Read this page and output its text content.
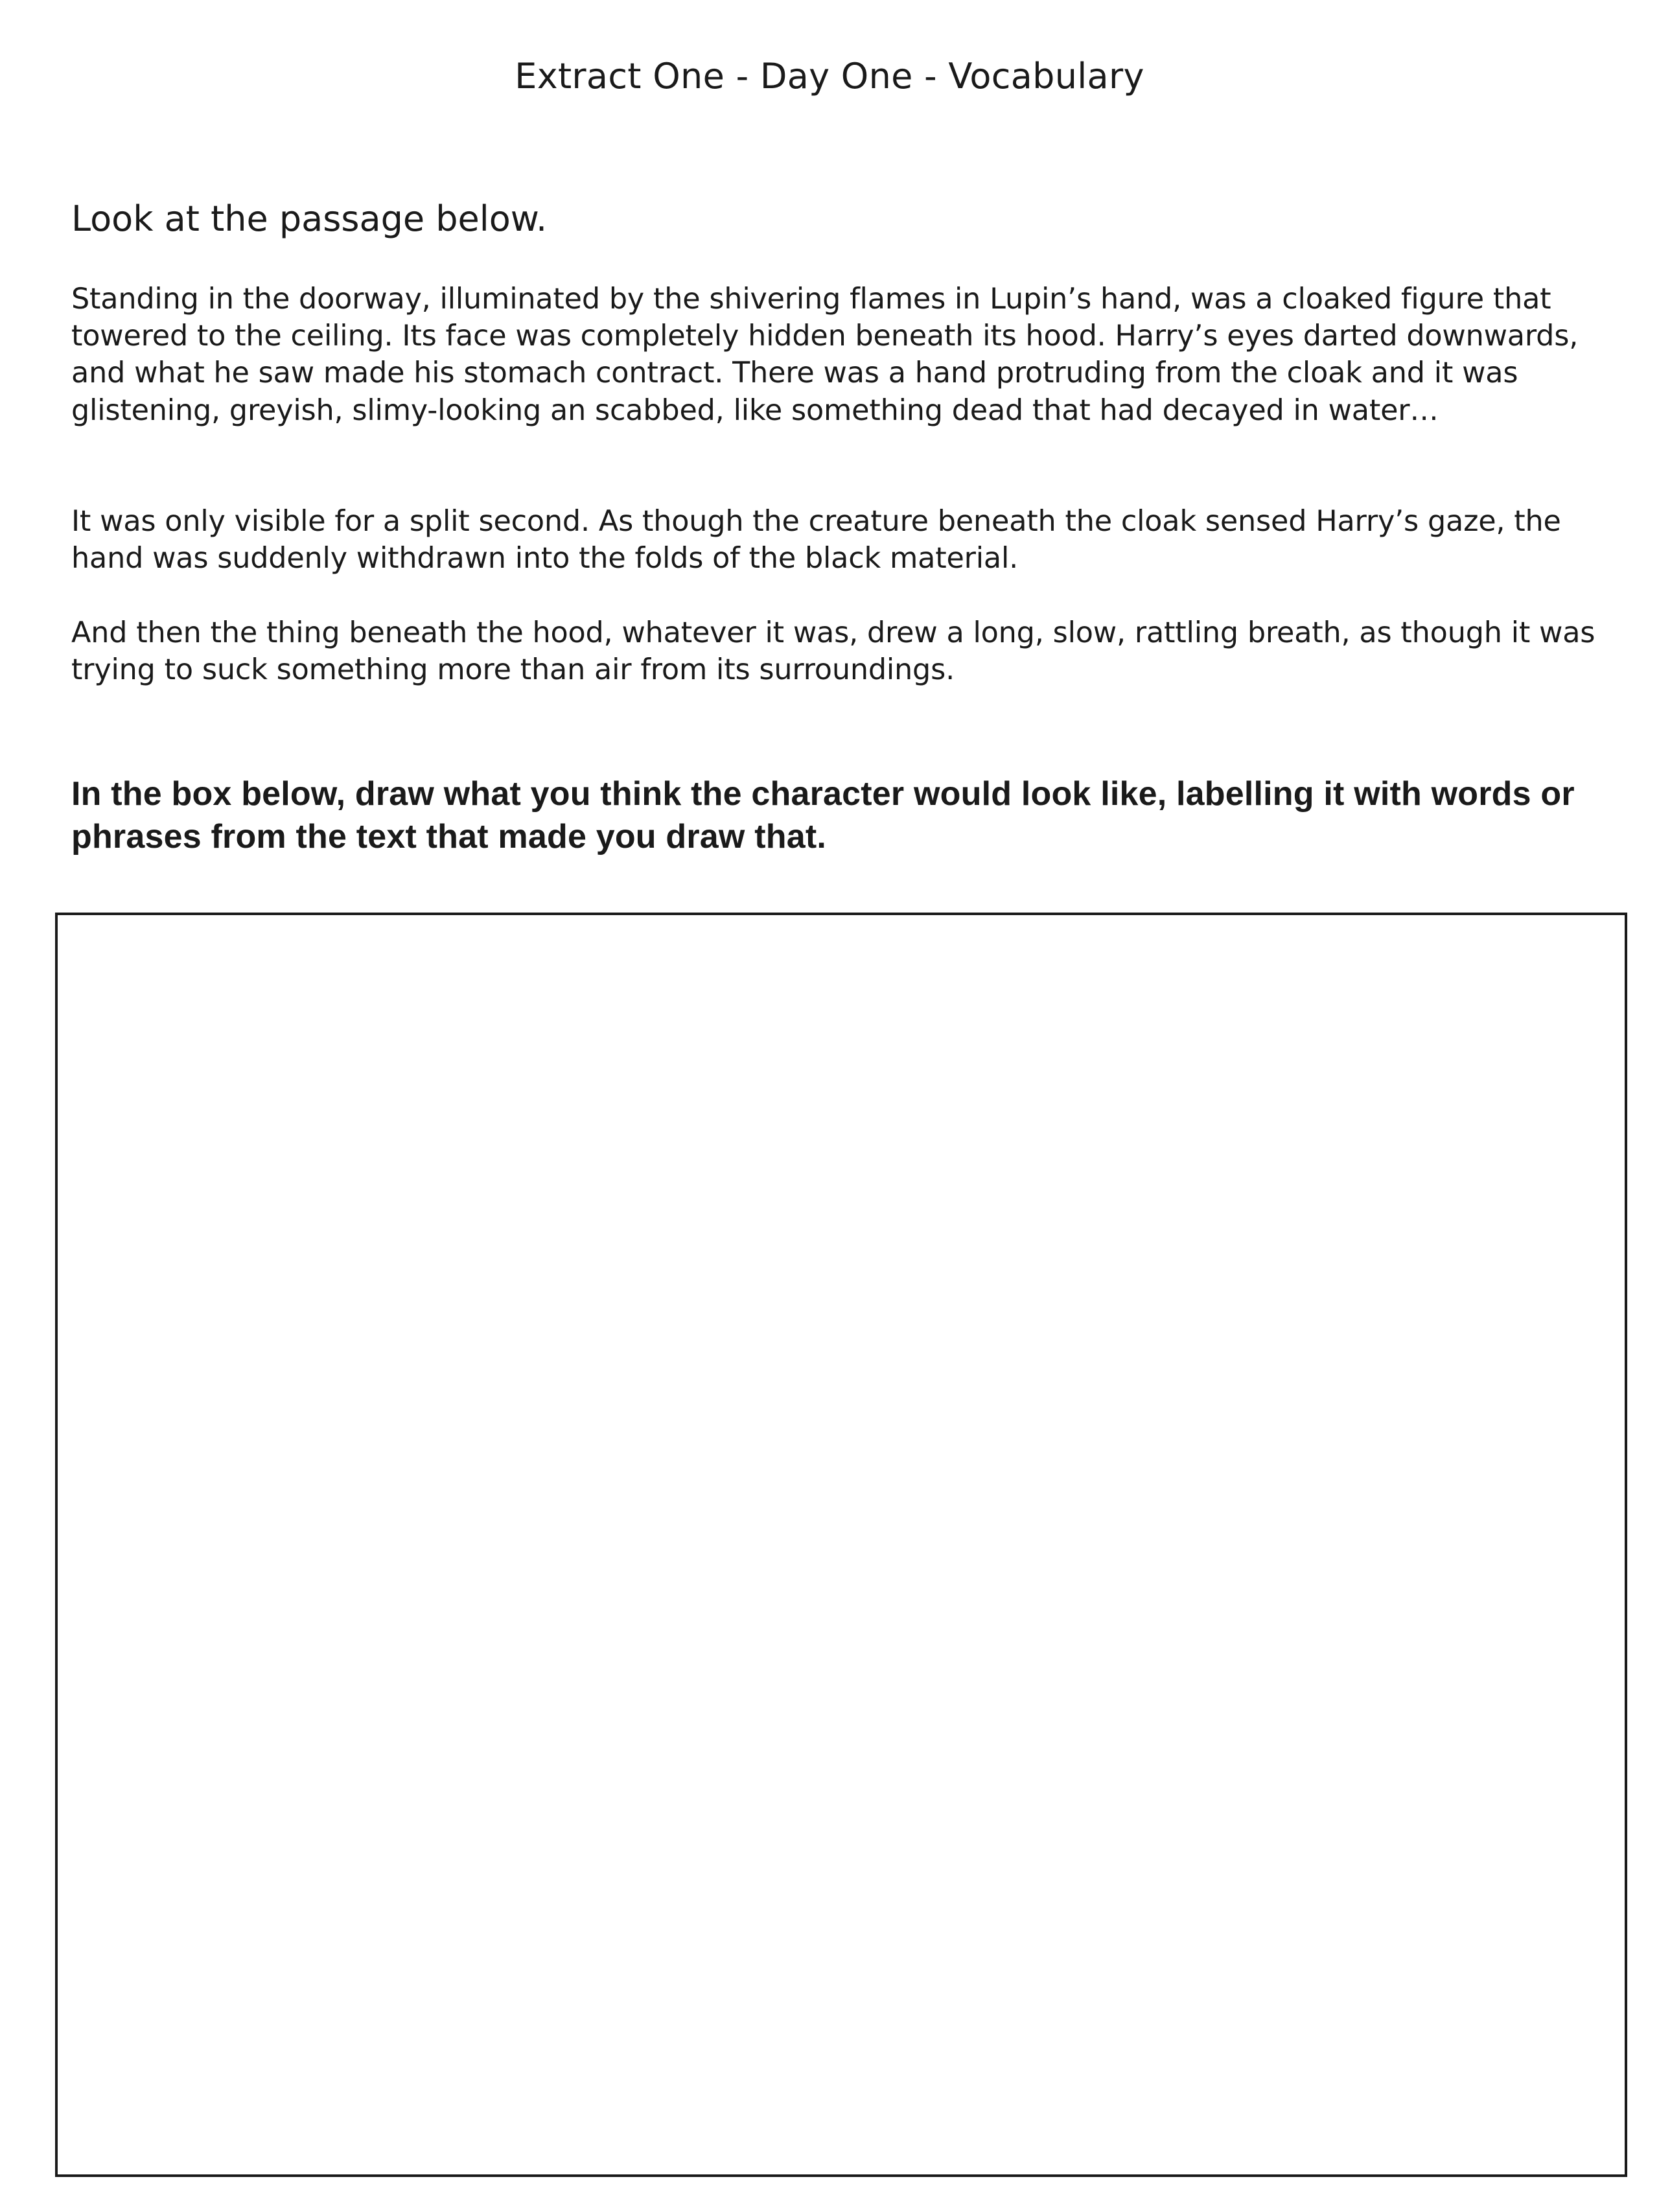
Extract One - Day One - Vocabulary

Look at the passage below.

Standing in the doorway, illuminated by the shivering flames in Lupin’s hand, was a cloaked figure that towered to the ceiling. Its face was completely hidden beneath its hood. Harry’s eyes darted downwards, and what he saw made his stomach contract. There was a hand protruding from the cloak and it was glistening, greyish, slimy-looking an scabbed, like something dead that had decayed in water…

It was only visible for a split second. As though the creature beneath the cloak sensed Harry’s gaze, the hand was suddenly withdrawn into the folds of the black material.

And then the thing beneath the hood, whatever it was, drew a long, slow, rattling breath, as though it was trying to suck something more than air from its surroundings.

In the box below, draw what you think the character would look like, labelling it with words or phrases from the text that made you draw that.
